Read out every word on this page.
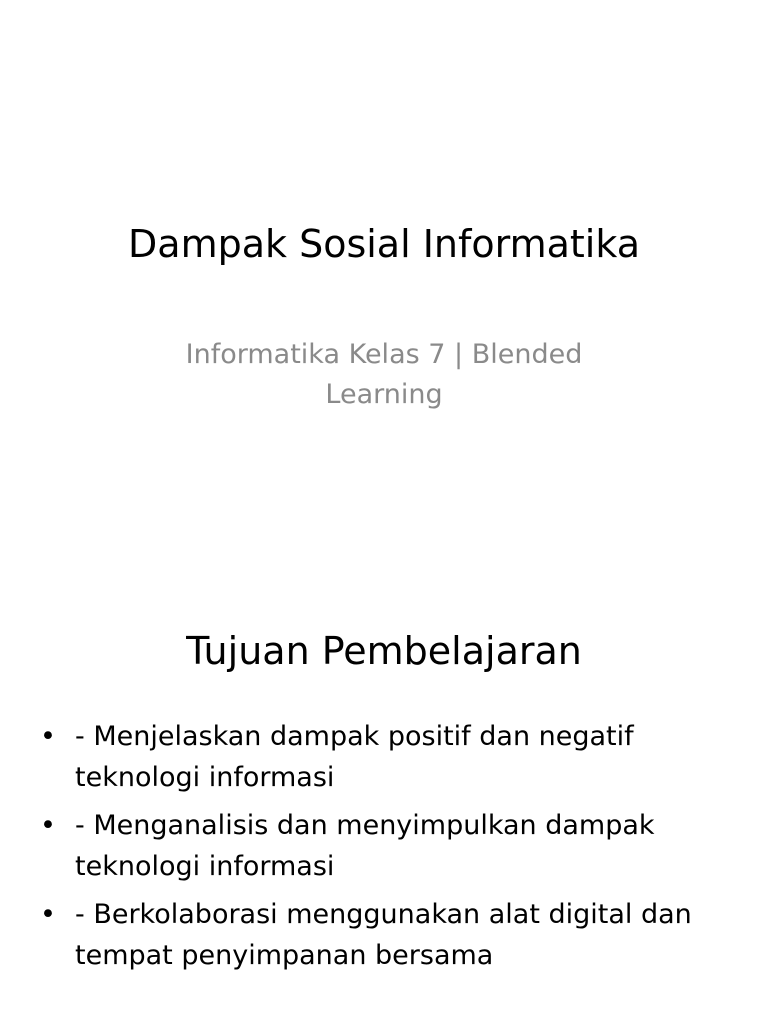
Dampak Sosial Informatika
Informatika Kelas 7 | Blended Learning
Tujuan Pembelajaran
• - Menjelaskan dampak positif dan negatif teknologi informasi
• - Menganalisis dan menyimpulkan dampak teknologi informasi
• - Berkolaborasi menggunakan alat digital dan tempat penyimpanan bersama
